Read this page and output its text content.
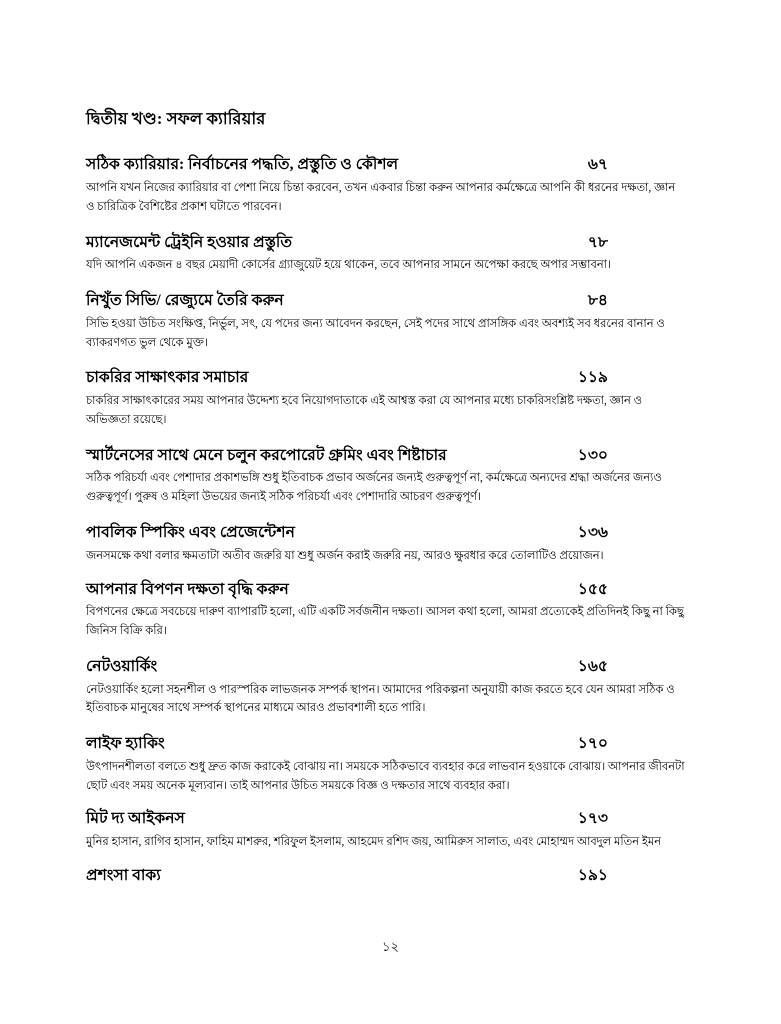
দ্বিতীয় খণ্ড: সফল ক্যারিয়ার
সঠিক ক্যারিয়ার: নির্বাচনের পদ্ধতি, প্রস্তুতি ও কৌশল	৬৭
আপনি যখন নিজের ক্যারিয়ার বা পেশা নিয়ে চিন্তা করবেন, তখন একবার চিন্তা করুন আপনার কর্মক্ষেত্রে আপনি কী ধরনের দক্ষতা, জ্ঞান ও চারিত্রিক বৈশিষ্টের প্রকাশ ঘটাতে পারবেন।
ম্যানেজমেন্ট ট্রেইনি হওয়ার প্রস্তুতি	৭৮
যদি আপনি একজন ৪ বছর মেয়াদী কোর্সের গ্র্যাজুয়েট হয়ে থাকেন, তবে আপনার সামনে অপেক্ষা করছে অপার সম্ভাবনা।
নিখুঁত সিভি/ রেজ্যুমে তৈরি করুন	৮৪
সিভি হওয়া উচিত সংক্ষিপ্ত, নির্ভুল, সৎ, যে পদের জন্য আবেদন করছেন, সেই পদের সাথে প্রাসঙ্গিক এবং অবশ্যই সব ধরনের বানান ও ব্যাকরণগত ভুল থেকে মুক্ত।
চাকরির সাক্ষাৎকার সমাচার	১১৯
চাকরির সাক্ষাৎকারের সময় আপনার উদ্দেশ্য হবে নিয়োগদাতাকে এই আশ্বস্ত করা যে আপনার মধ্যে চাকরিসংশ্লিষ্ট দক্ষতা, জ্ঞান ও অভিজ্ঞতা রয়েছে।
স্মার্টনেসের সাথে মেনে চলুন করপোরেট গ্রুমিং এবং শিষ্টাচার	১৩০
সঠিক পরিচর্যা এবং পেশাদার প্রকাশভঙ্গি শুধু ইতিবাচক প্রভাব অর্জনের জন্যই গুরুত্বপূর্ণ না, কর্মক্ষেত্রে অন্যদের শ্রদ্ধা অর্জনের জন্যও গুরুত্বপূর্ণ। পুরুষ ও মহিলা উভয়ের জন্যই সঠিক পরিচর্যা এবং পেশাদারি আচরণ গুরুত্বপূর্ণ।
পাবলিক স্পিকিং এবং প্রেজেন্টেশন	১৩৬
জনসমক্ষে কথা বলার ক্ষমতাটা অতীব জরুরি যা শুধু অর্জন করাই জরুরি নয়, আরও ক্ষুরধার করে তোলাটিও প্রয়োজন।
আপনার বিপণন দক্ষতা বৃদ্ধি করুন	১৫৫
বিপণনের ক্ষেত্রে সবচেয়ে দারুণ ব্যাপারটি হলো, এটি একটি সর্বজনীন দক্ষতা। আসল কথা হলো, আমরা প্রত্যেকেই প্রতিদিনই কিছু না কিছু জিনিস বিক্রি করি।
নেটওয়ার্কিং	১৬৫
নেটওয়ার্কিং হলো সহনশীল ও পারস্পরিক লাভজনক সম্পর্ক স্থাপন। আমাদের পরিকল্পনা অনুযায়ী কাজ করতে হবে যেন আমরা সঠিক ও ইতিবাচক মানুষের সাথে সম্পর্ক স্থাপনের মাধ্যমে আরও প্রভাবশালী হতে পারি।
লাইফ হ্যাকিং	১৭০
উৎপাদনশীলতা বলতে শুধু দ্রুত কাজ করাকেই বোঝায় না। সময়কে সঠিকভাবে ব্যবহার করে লাভবান হওয়াকে বোঝায়। আপনার জীবনটা ছোট এবং সময় অনেক মূল্যবান। তাই আপনার উচিত সময়কে বিজ্ঞ ও দক্ষতার সাথে ব্যবহার করা।
মিট দ্য আইকনস	১৭৩
মুনির হাসান, রাগিব হাসান, ফাহিম মাশরুর, শরিফুল ইসলাম, আহমেদ রশিদ জয়, আমিরুস সালাত, এবং মোহাম্মদ আবদুল মতিন ইমন
প্রশংসা বাক্য	১৯১
১২
